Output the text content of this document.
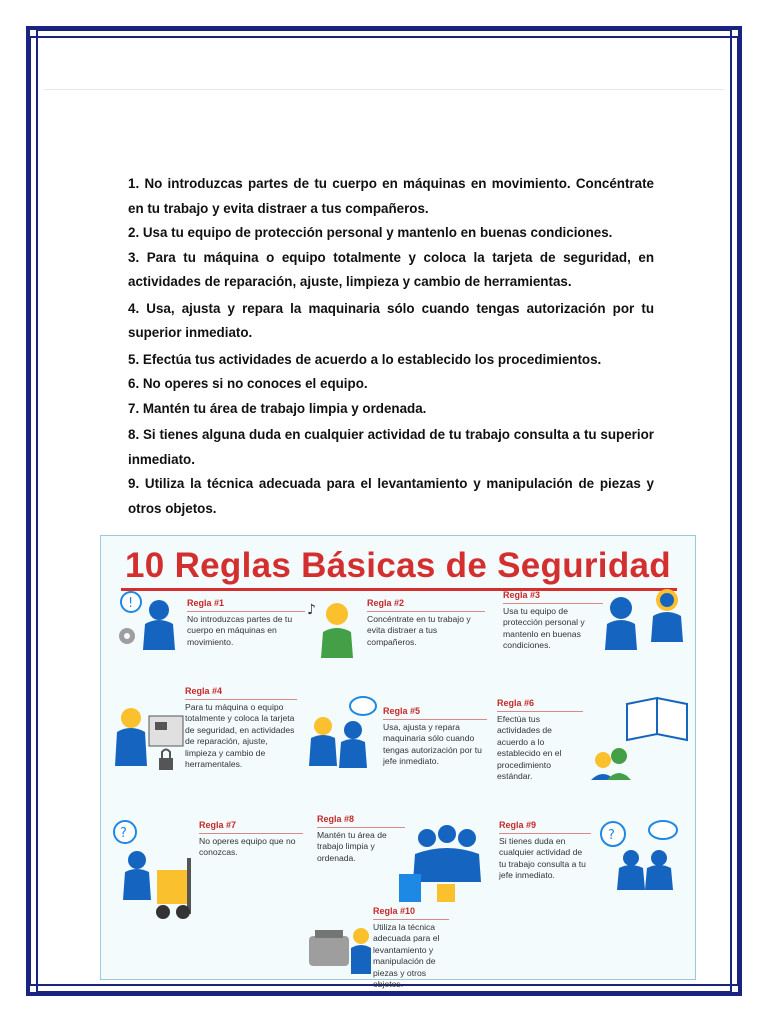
1. No introduzcas partes de tu cuerpo en máquinas en movimiento. Concéntrate en tu trabajo y evita distraer a tus compañeros.

2. Usa tu equipo de protección personal y mantenlo en buenas condiciones.

3. Para tu máquina o equipo totalmente y coloca la tarjeta de seguridad, en actividades de reparación, ajuste, limpieza y cambio de herramientas.

4. Usa, ajusta y repara la maquinaria sólo cuando tengas autorización por tu superior inmediato.

5. Efectúa tus actividades de acuerdo a lo establecido los procedimientos.

6. No operes si no conoces el equipo.

7. Mantén tu área de trabajo limpia y ordenada.

8. Si tienes alguna duda en cualquier actividad de tu trabajo consulta a tu superior inmediato.

9. Utiliza la técnica adecuada para el levantamiento y manipulación de piezas y otros objetos.

10 Reglas Básicas de Seguridad
Regla #1
No introduzcas partes de tu cuerpo en máquinas en movimiento.
Regla #2
Concéntrate en tu trabajo y evita distraer a tus compañeros.
Regla #3
Usa tu equipo de protección personal y mantenlo en buenas condiciones.
Regla #4
Para tu máquina o equipo totalmente y coloca la tarjeta de seguridad, en actividades de reparación, ajuste, limpieza y cambio de herramentales.
Regla #5
Usa, ajusta y repara maquinaria sólo cuando tengas autorización por tu jefe inmediato.
Regla #6
Efectúa tus actividades de acuerdo a lo establecido en el procedimiento estándar.
Regla #7
No operes equipo que no conozcas.
Regla #8
Mantén tu área de trabajo limpia y ordenada.
Regla #9
Si tienes duda en cualquier actividad de tu trabajo consulta a tu jefe inmediato.
Regla #10
Utiliza la técnica adecuada para el levantamiento y manipulación de piezas y otros objetos.
!	♪
?	?
